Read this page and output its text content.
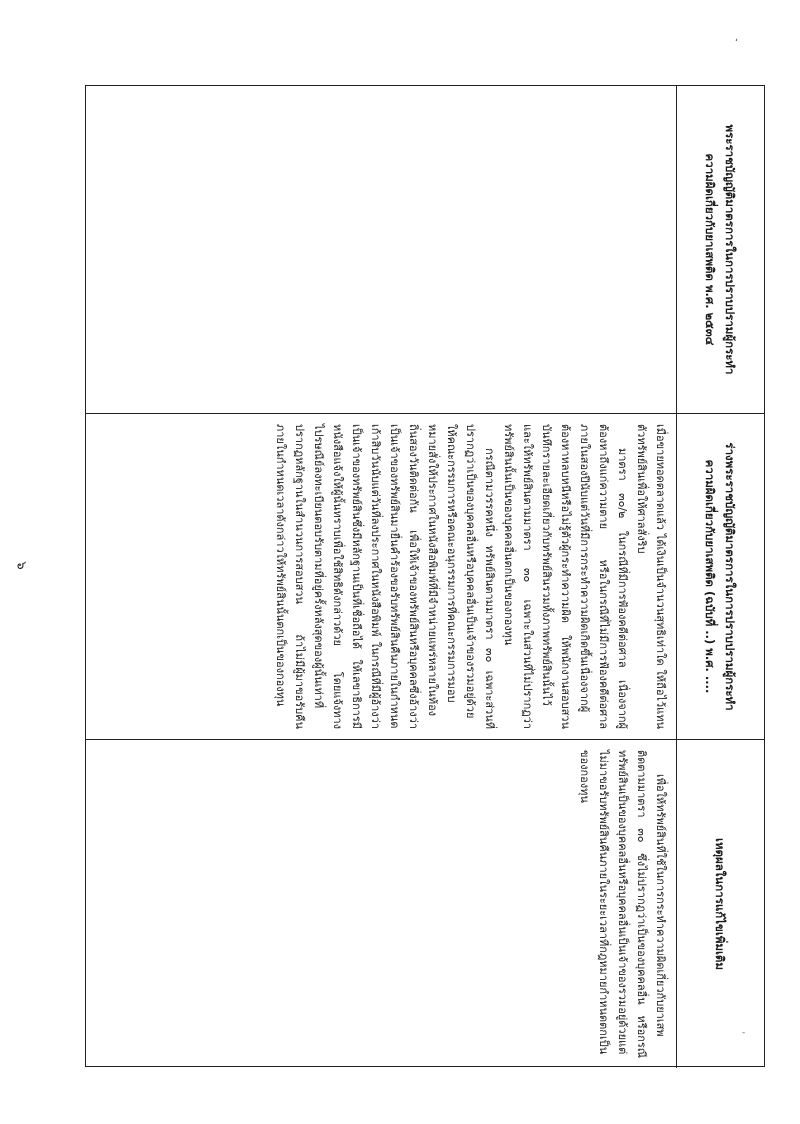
๖
ʻ
-
พระราชบัญญัติมาตรการในการปราบปรามผู้กระทำ
ความผิดเกี่ยวกับยาเสพติด พ.ศ. ๒๕๓๔
ร่างพระราชบัญญัติมาตรการในการปราบปรามผู้กระทำ
ความผิดเกี่ยวกับยาเสพติด (ฉบับที่ ..) พ.ศ. ....
เหตุผลในการแก้ไขเพิ่มเติม

เมื่อขายทอดตลาดแล้ว ได้เงินเป็นจำนวนสุทธิเท่าใด ให้ถือไว้แทนตัวทรัพย์สินเพื่อให้ศาลสั่งริบ

มาตรา ๓๐/๒ ในกรณีที่มีการฟ้องคดีต่อศาล เนื่องจากผู้ต้องหาถึงแก่ความตาย หรือในกรณีที่ไม่มีการฟ้องคดีต่อศาลภายในสองปีนับแต่วันที่มีการกระทำความผิดเกิดขึ้นเนื่องจากผู้ต้องหาหลบหนีหรือไม่รู้ตัวผู้กระทำความผิด ให้พนักงานสอบสวนบันทึกรายละเอียดเกี่ยวกับทรัพย์สินรวมทั้งภาพทรัพย์สินนั้นไว้ และให้ทรัพย์สินตามมาตรา ๓๐ เฉพาะในส่วนที่ไม่ปรากฏว่าทรัพย์สินนั้นเป็นของบุคคลอื่นตกเป็นของกองทุน

กรณีตามวรรคหนึ่ง ทรัพย์สินตามมาตรา ๓๐ เฉพาะส่วนที่ปรากฏว่าเป็นของบุคคลอื่นหรือบุคคลอื่นเป็นเจ้าของรวมอยู่ด้วย ให้คณะกรรมการหรือคณะอนุกรรมการที่คณะกรรมการมอบหมายสั่งให้ประกาศในหนังสือพิมพ์ที่มีจำหน่ายแพร่หลายในท้องถิ่นสองวันติดต่อกัน เพื่อให้เจ้าของทรัพย์สินหรือบุคคลซึ่งอ้างว่าเป็นเจ้าของทรัพย์สินมายื่นคำร้องขอรับทรัพย์สินคืนภายในกำหนดเก้าสิบวันนับแต่วันที่ลงประกาศในหนังสือพิมพ์ ในกรณีที่มีผู้อ้างว่าเป็นเจ้าของทรัพย์สินซึ่งมีหลักฐานเป็นที่เชื่อถือได้ ให้เลขาธิการมีหนังสือแจ้งให้ผู้นั้นทราบเพื่อใช้สิทธิดังกล่าวด้วย โดยแจ้งทางไปรษณีย์ลงทะเบียนตอบรับตามที่อยู่ครั้งหลังสุดของผู้นั้นเท่าที่ปรากฏหลักฐานในสำนวนการสอบสวน ถ้าไม่มีผู้มาขอรับคืนภายในกำหนดเวลาดังกล่าวให้ทรัพย์สินนั้นตกเป็นของกองทุน

เพื่อให้ทรัพย์สินที่ใช้ในการกระทำความผิดเกี่ยวกับยาเสพติดตามมาตรา ๓๐ ซึ่งไม่ปรากฏว่าเป็นของบุคคลอื่น หรือกรณีทรัพย์สินเป็นของบุคคลอื่นหรือบุคคลอื่นเป็นเจ้าของรวมอยู่ด้วยแต่ไม่มาขอรับทรัพย์สินคืนภายในระยะเวลาที่กฎหมายกำหนดตกเป็นของกองทุน
